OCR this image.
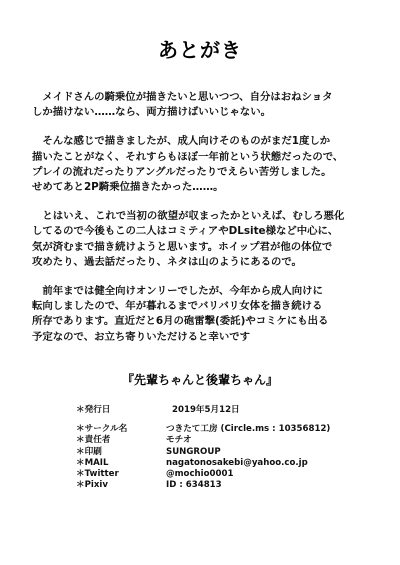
あとがき
　メイドさんの騎乗位が描きたいと思いつつ、自分はおねショタ
しか描けない……なら、両方描けばいいじゃない。
　そんな感じで描きましたが、成人向けそのものがまだ1度しか
描いたことがなく、それすらもほぼ一年前という状態だったので、
プレイの流れだったりアングルだったりでえらい苦労しました。
せめてあと2P騎乗位描きたかった……。
　とはいえ、これで当初の欲望が収まったかといえば、むしろ悪化
してるので今後もこの二人はコミティアやDLsite様など中心に、
気が済むまで描き続けようと思います。ホイップ君が他の体位で
攻めたり、過去話だったり、ネタは山のようにあるので。
　前年までは健全向けオンリーでしたが、今年から成人向けに
転向しましたので、年が暮れるまでバリバリ女体を描き続ける
所存であります。直近だと6月の砲雷撃(委託)やコミケにも出る
予定なので、お立ち寄りいただけると幸いです
『先輩ちゃんと後輩ちゃん』
＊発行日	2019年5月12日
＊サークル名	つきたて工房 (Circle.ms : 10356812)
＊責任者	モチオ
＊印刷	SUNGROUP
＊MAIL	nagatonosakebi@yahoo.co.jp
＊Twitter	@mochio0001
＊Pixiv	ID : 634813
